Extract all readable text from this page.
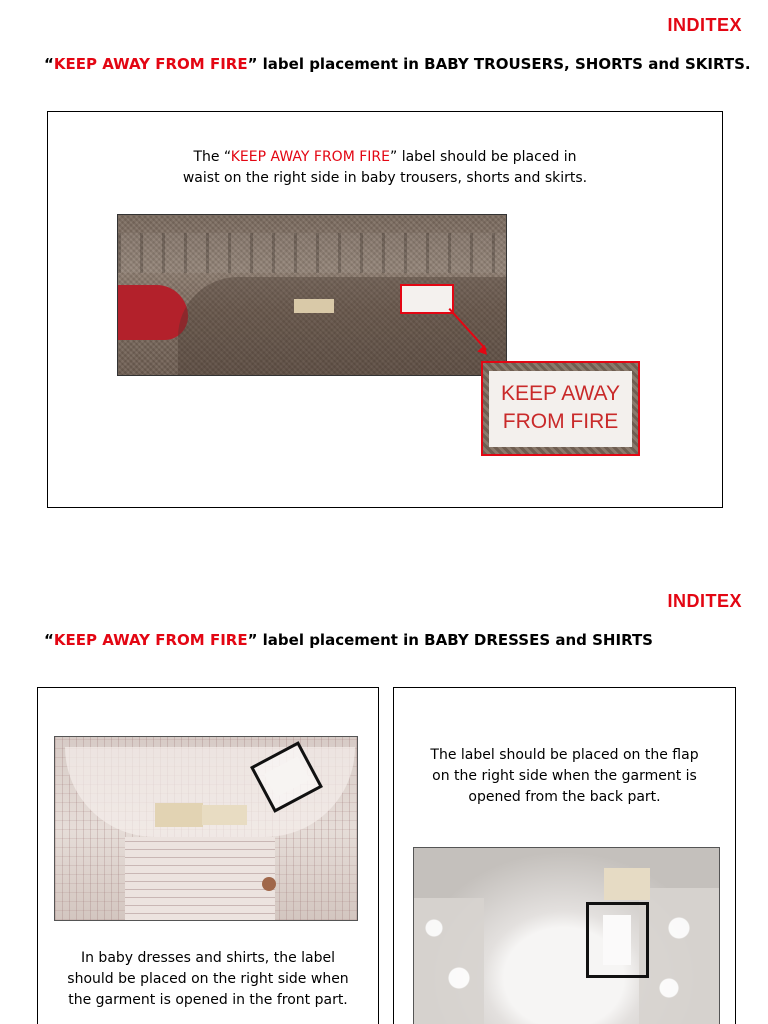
INDITEX
“KEEP AWAY FROM FIRE” label placement in BABY TROUSERS, SHORTS and SKIRTS.
The “KEEP AWAY FROM FIRE” label should be placed in
waist on the right side in baby trousers, shorts and skirts.
KEEP AWAY
FROM FIRE
INDITEX
“KEEP AWAY FROM FIRE” label placement in BABY DRESSES and SHIRTS
In baby dresses and shirts, the label
should be placed on the right side when
the garment is opened in the front part.
The label should be placed on the flap
on the right side when the garment is
opened from the back part.
